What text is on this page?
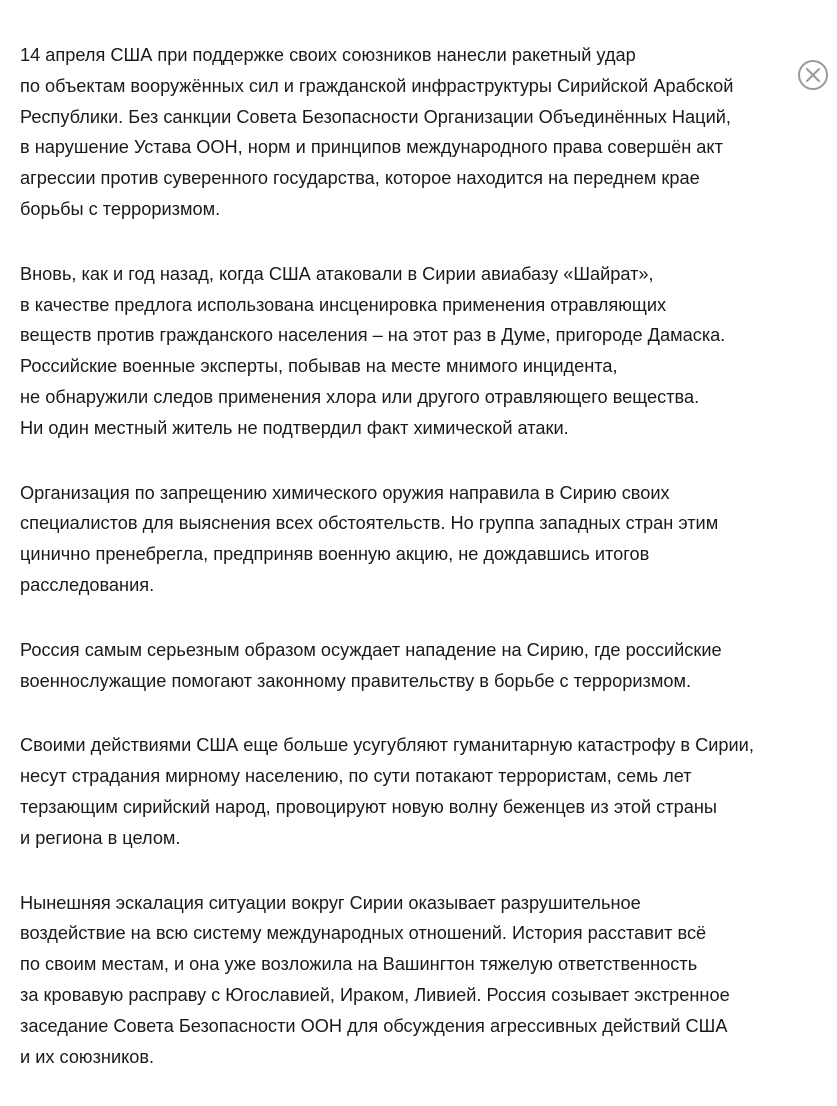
14 апреля США при поддержке своих союзников нанесли ракетный удар
по объектам вооружённых сил и гражданской инфраструктуры Сирийской Арабской
Республики. Без санкции Совета Безопасности Организации Объединённых Наций,
в нарушение Устава ООН, норм и принципов международного права совершён акт
агрессии против суверенного государства, которое находится на переднем крае
борьбы с терроризмом.
Вновь, как и год назад, когда США атаковали в Сирии авиабазу «Шайрат»,
в качестве предлога использована инсценировка применения отравляющих
веществ против гражданского населения – на этот раз в Думе, пригороде Дамаска.
Российские военные эксперты, побывав на месте мнимого инцидента,
не обнаружили следов применения хлора или другого отравляющего вещества.
Ни один местный житель не подтвердил факт химической атаки.
Организация по запрещению химического оружия направила в Сирию своих
специалистов для выяснения всех обстоятельств. Но группа западных стран этим
цинично пренебрегла, предприняв военную акцию, не дождавшись итогов
расследования.
Россия самым серьезным образом осуждает нападение на Сирию, где российские
военнослужащие помогают законному правительству в борьбе с терроризмом.
Своими действиями США еще больше усугубляют гуманитарную катастрофу в Сирии,
несут страдания мирному населению, по сути потакают террористам, семь лет
терзающим сирийский народ, провоцируют новую волну беженцев из этой страны
и региона в целом.
Нынешняя эскалация ситуации вокруг Сирии оказывает разрушительное
воздействие на всю систему международных отношений. История расставит всё
по своим местам, и она уже возложила на Вашингтон тяжелую ответственность
за кровавую расправу с Югославией, Ираком, Ливией. Россия созывает экстренное
заседание Совета Безопасности ООН для обсуждения агрессивных действий США
и их союзников.
